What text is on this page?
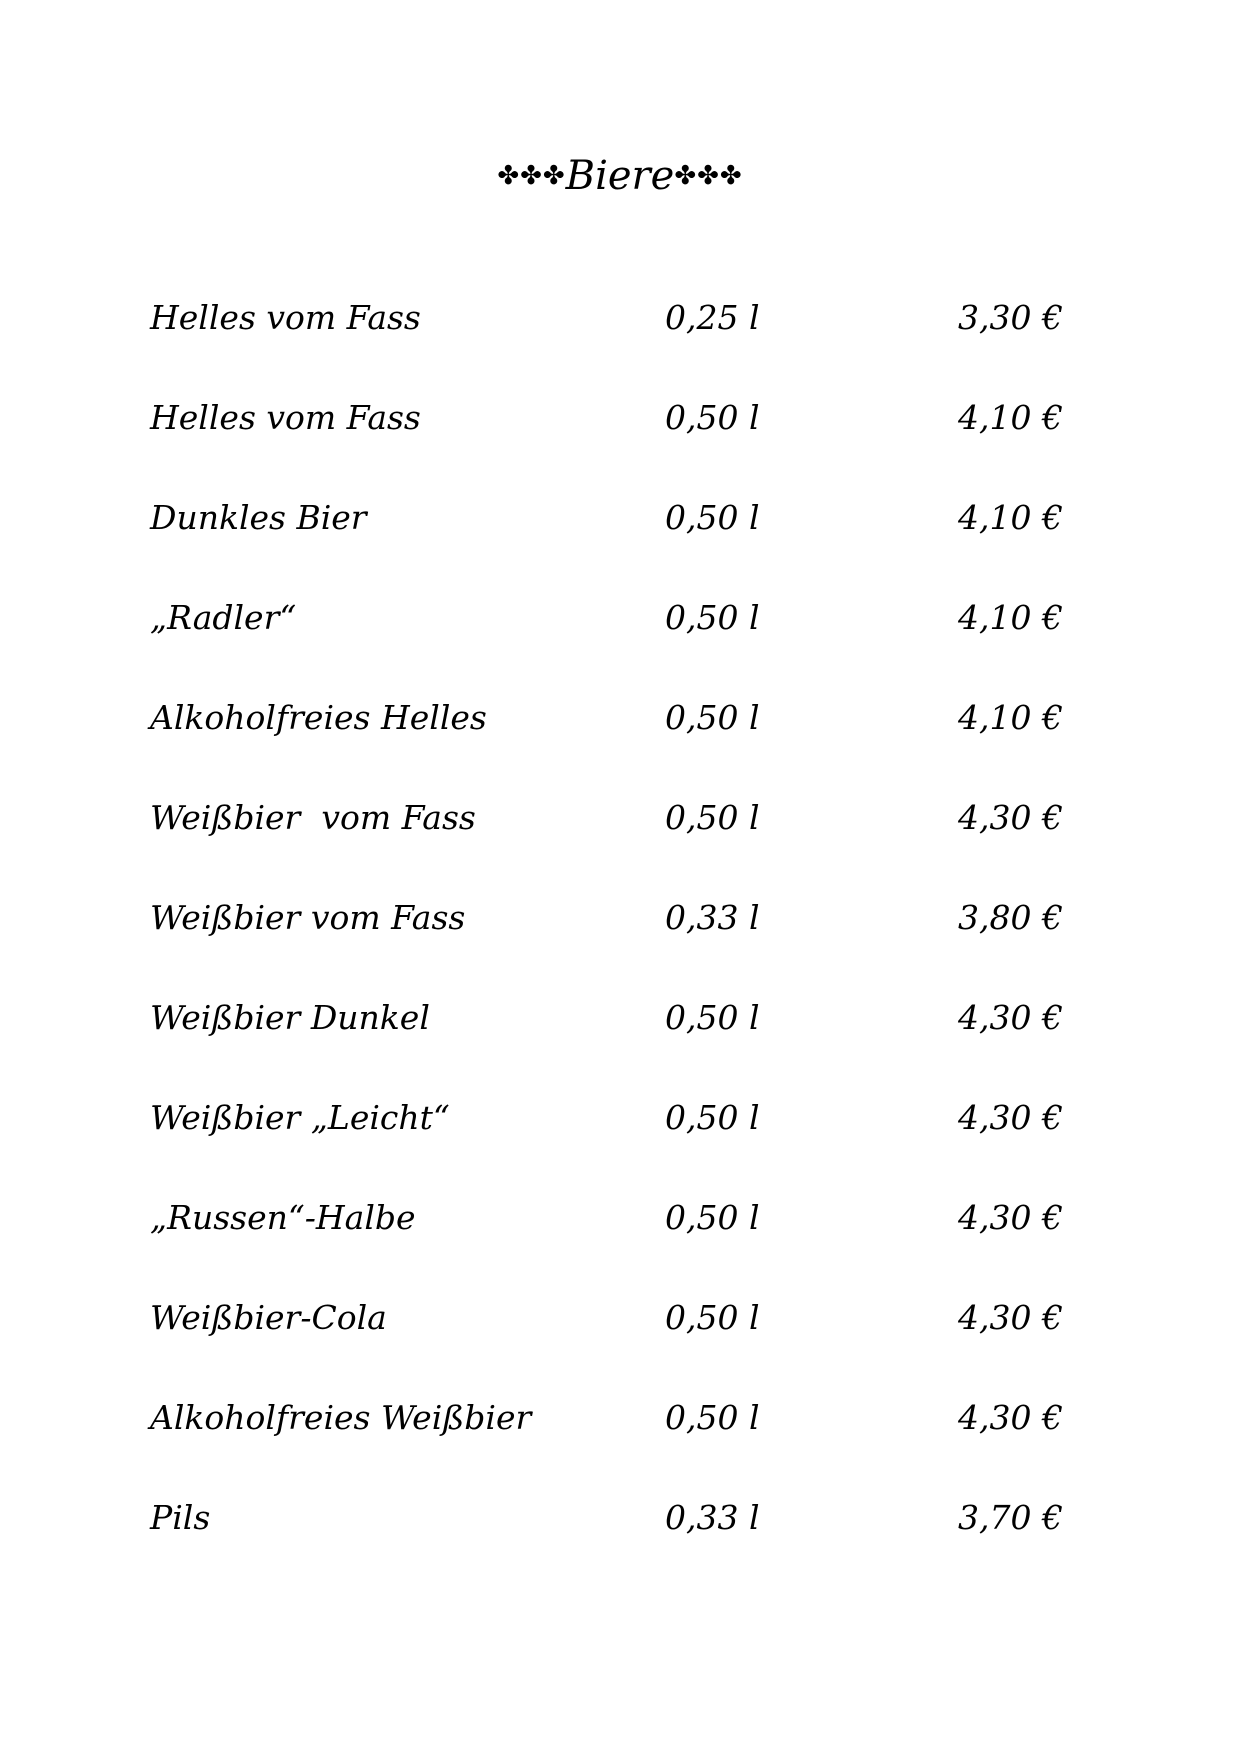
✤✤✤Biere✤✤✤
Helles vom Fass	0,25 l	3,30 €
Helles vom Fass	0,50 l	4,10 €
Dunkles Bier	0,50 l	4,10 €
„Radler“	0,50 l	4,10 €
Alkoholfreies Helles	0,50 l	4,10 €
Weißbier  vom Fass	0,50 l	4,30 €
Weißbier vom Fass	0,33 l	3,80 €
Weißbier Dunkel	0,50 l	4,30 €
Weißbier „Leicht“	0,50 l	4,30 €
„Russen“-Halbe	0,50 l	4,30 €
Weißbier-Cola	0,50 l	4,30 €
Alkoholfreies Weißbier	0,50 l	4,30 €
Pils	0,33 l	3,70 €
